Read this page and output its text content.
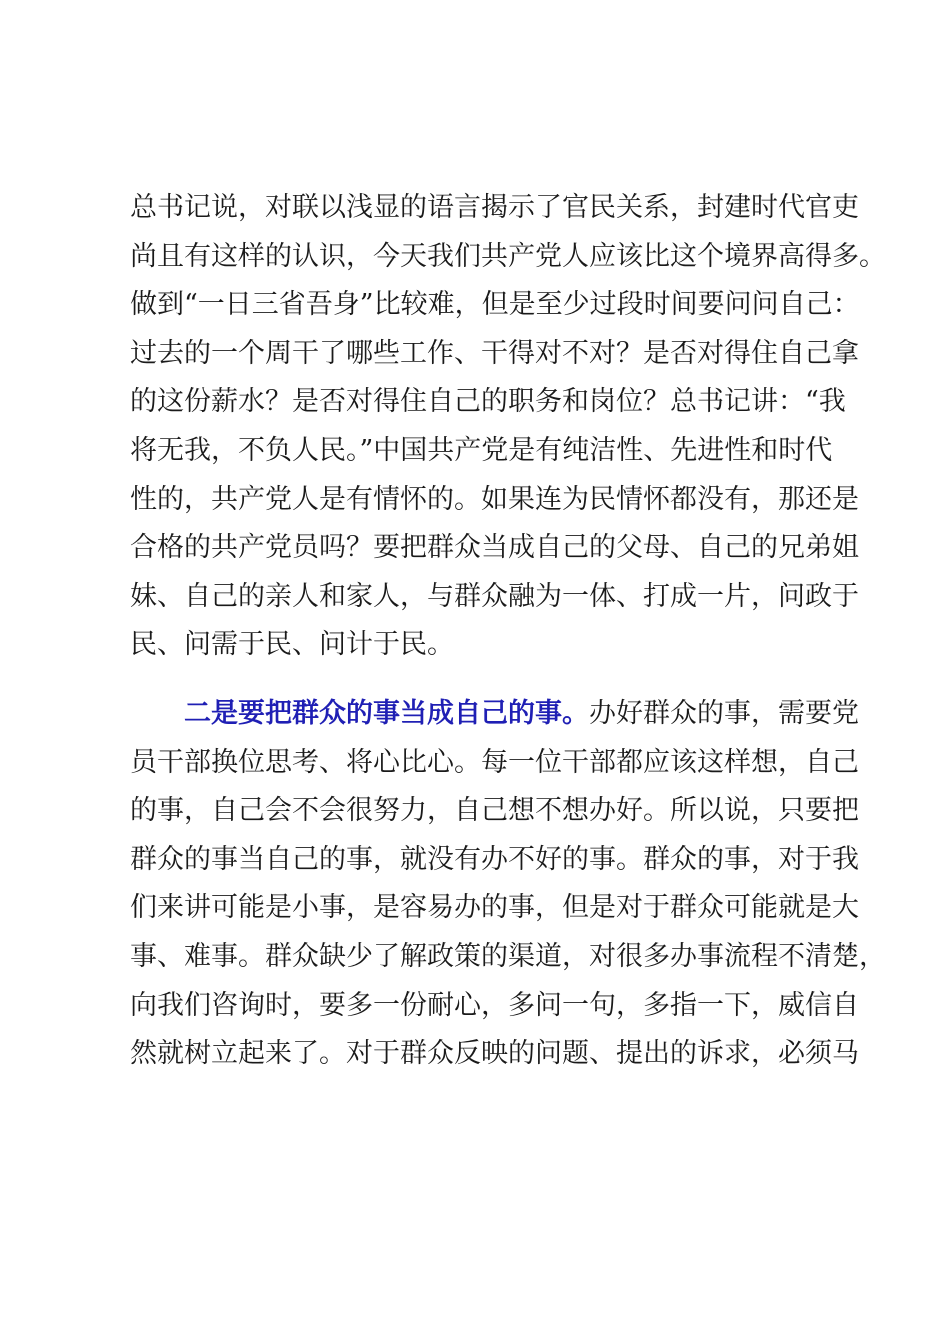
总书记说，对联以浅显的语言揭示了官民关系，封建时代官吏
尚且有这样的认识，今天我们共产党人应该比这个境界高得多。
做到“一日三省吾身”比较难，但是至少过段时间要问问自己：
过去的一个周干了哪些工作、干得对不对？是否对得住自己拿
的这份薪水？是否对得住自己的职务和岗位？总书记讲：“我
将无我，不负人民。”中国共产党是有纯洁性、先进性和时代
性的，共产党人是有情怀的。如果连为民情怀都没有，那还是
合格的共产党员吗？要把群众当成自己的父母、自己的兄弟姐
妹、自己的亲人和家人，与群众融为一体、打成一片，问政于
民、问需于民、问计于民。
二是要把群众的事当成自己的事。办好群众的事，需要党
员干部换位思考、将心比心。每一位干部都应该这样想，自己
的事，自己会不会很努力，自己想不想办好。所以说，只要把
群众的事当自己的事，就没有办不好的事。群众的事，对于我
们来讲可能是小事，是容易办的事，但是对于群众可能就是大
事、难事。群众缺少了解政策的渠道，对很多办事流程不清楚，
向我们咨询时，要多一份耐心，多问一句，多指一下，威信自
然就树立起来了。对于群众反映的问题、提出的诉求，必须马
